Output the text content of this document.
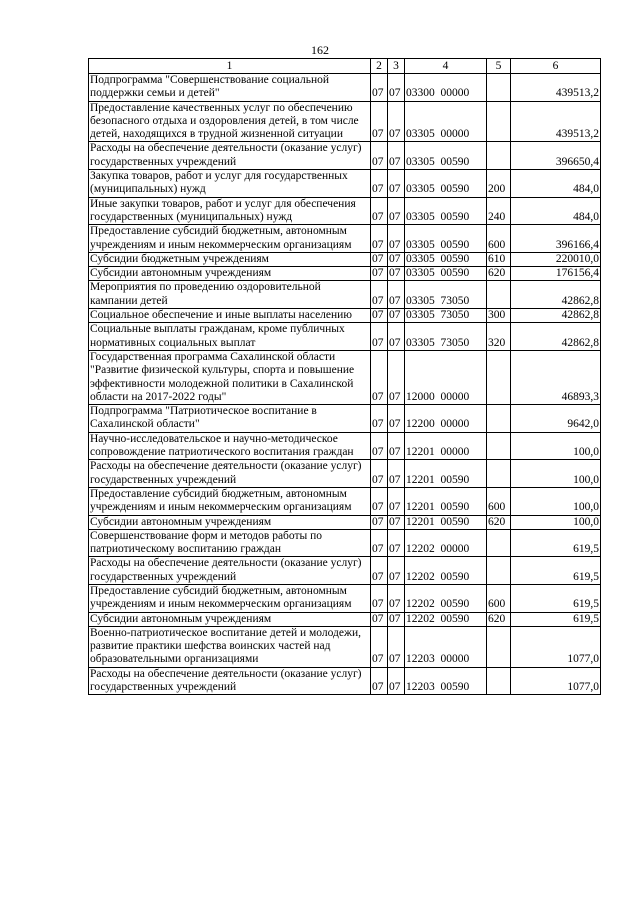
162
1	2	3	4	5	6
Подпрограмма "Совершенствование социальной поддержки семьи и детей"	07	07	03300  00000		439513,2
Предоставление качественных услуг по обеспечению безопасного отдыха и оздоровления детей, в том числе детей, находящихся в трудной жизненной ситуации	07	07	03305  00000		439513,2
Расходы на обеспечение деятельности (оказание услуг) государственных учреждений	07	07	03305  00590		396650,4
Закупка товаров, работ и услуг для государственных (муниципальных) нужд	07	07	03305  00590	200	484,0
Иные закупки товаров, работ и услуг для обеспечения государственных (муниципальных) нужд	07	07	03305  00590	240	484,0
Предоставление субсидий бюджетным, автономным учреждениям и иным некоммерческим организациям	07	07	03305  00590	600	396166,4
Субсидии бюджетным учреждениям	07	07	03305  00590	610	220010,0
Субсидии автономным учреждениям	07	07	03305  00590	620	176156,4
Мероприятия по проведению оздоровительной кампании детей	07	07	03305  73050		42862,8
Социальное обеспечение и иные выплаты населению	07	07	03305  73050	300	42862,8
Социальные выплаты гражданам, кроме публичных нормативных социальных выплат	07	07	03305  73050	320	42862,8
Государственная программа Сахалинской области "Развитие физической культуры, спорта и повышение эффективности молодежной политики в Сахалинской области на 2017-2022 годы"	07	07	12000  00000		46893,3
Подпрограмма "Патриотическое воспитание в Сахалинской области"	07	07	12200  00000		9642,0
Научно-исследовательское и научно-методическое сопровождение патриотического воспитания граждан	07	07	12201  00000		100,0
Расходы на обеспечение деятельности (оказание услуг) государственных учреждений	07	07	12201  00590		100,0
Предоставление субсидий бюджетным, автономным учреждениям и иным некоммерческим организациям	07	07	12201  00590	600	100,0
Субсидии автономным учреждениям	07	07	12201  00590	620	100,0
Совершенствование форм и методов работы по патриотическому воспитанию граждан	07	07	12202  00000		619,5
Расходы на обеспечение деятельности (оказание услуг) государственных учреждений	07	07	12202  00590		619,5
Предоставление субсидий бюджетным, автономным учреждениям и иным некоммерческим организациям	07	07	12202  00590	600	619,5
Субсидии автономным учреждениям	07	07	12202  00590	620	619,5
Военно-патриотическое воспитание детей и молодежи, развитие практики шефства воинских частей над образовательными организациями	07	07	12203  00000		1077,0
Расходы на обеспечение деятельности (оказание услуг) государственных учреждений	07	07	12203  00590		1077,0
